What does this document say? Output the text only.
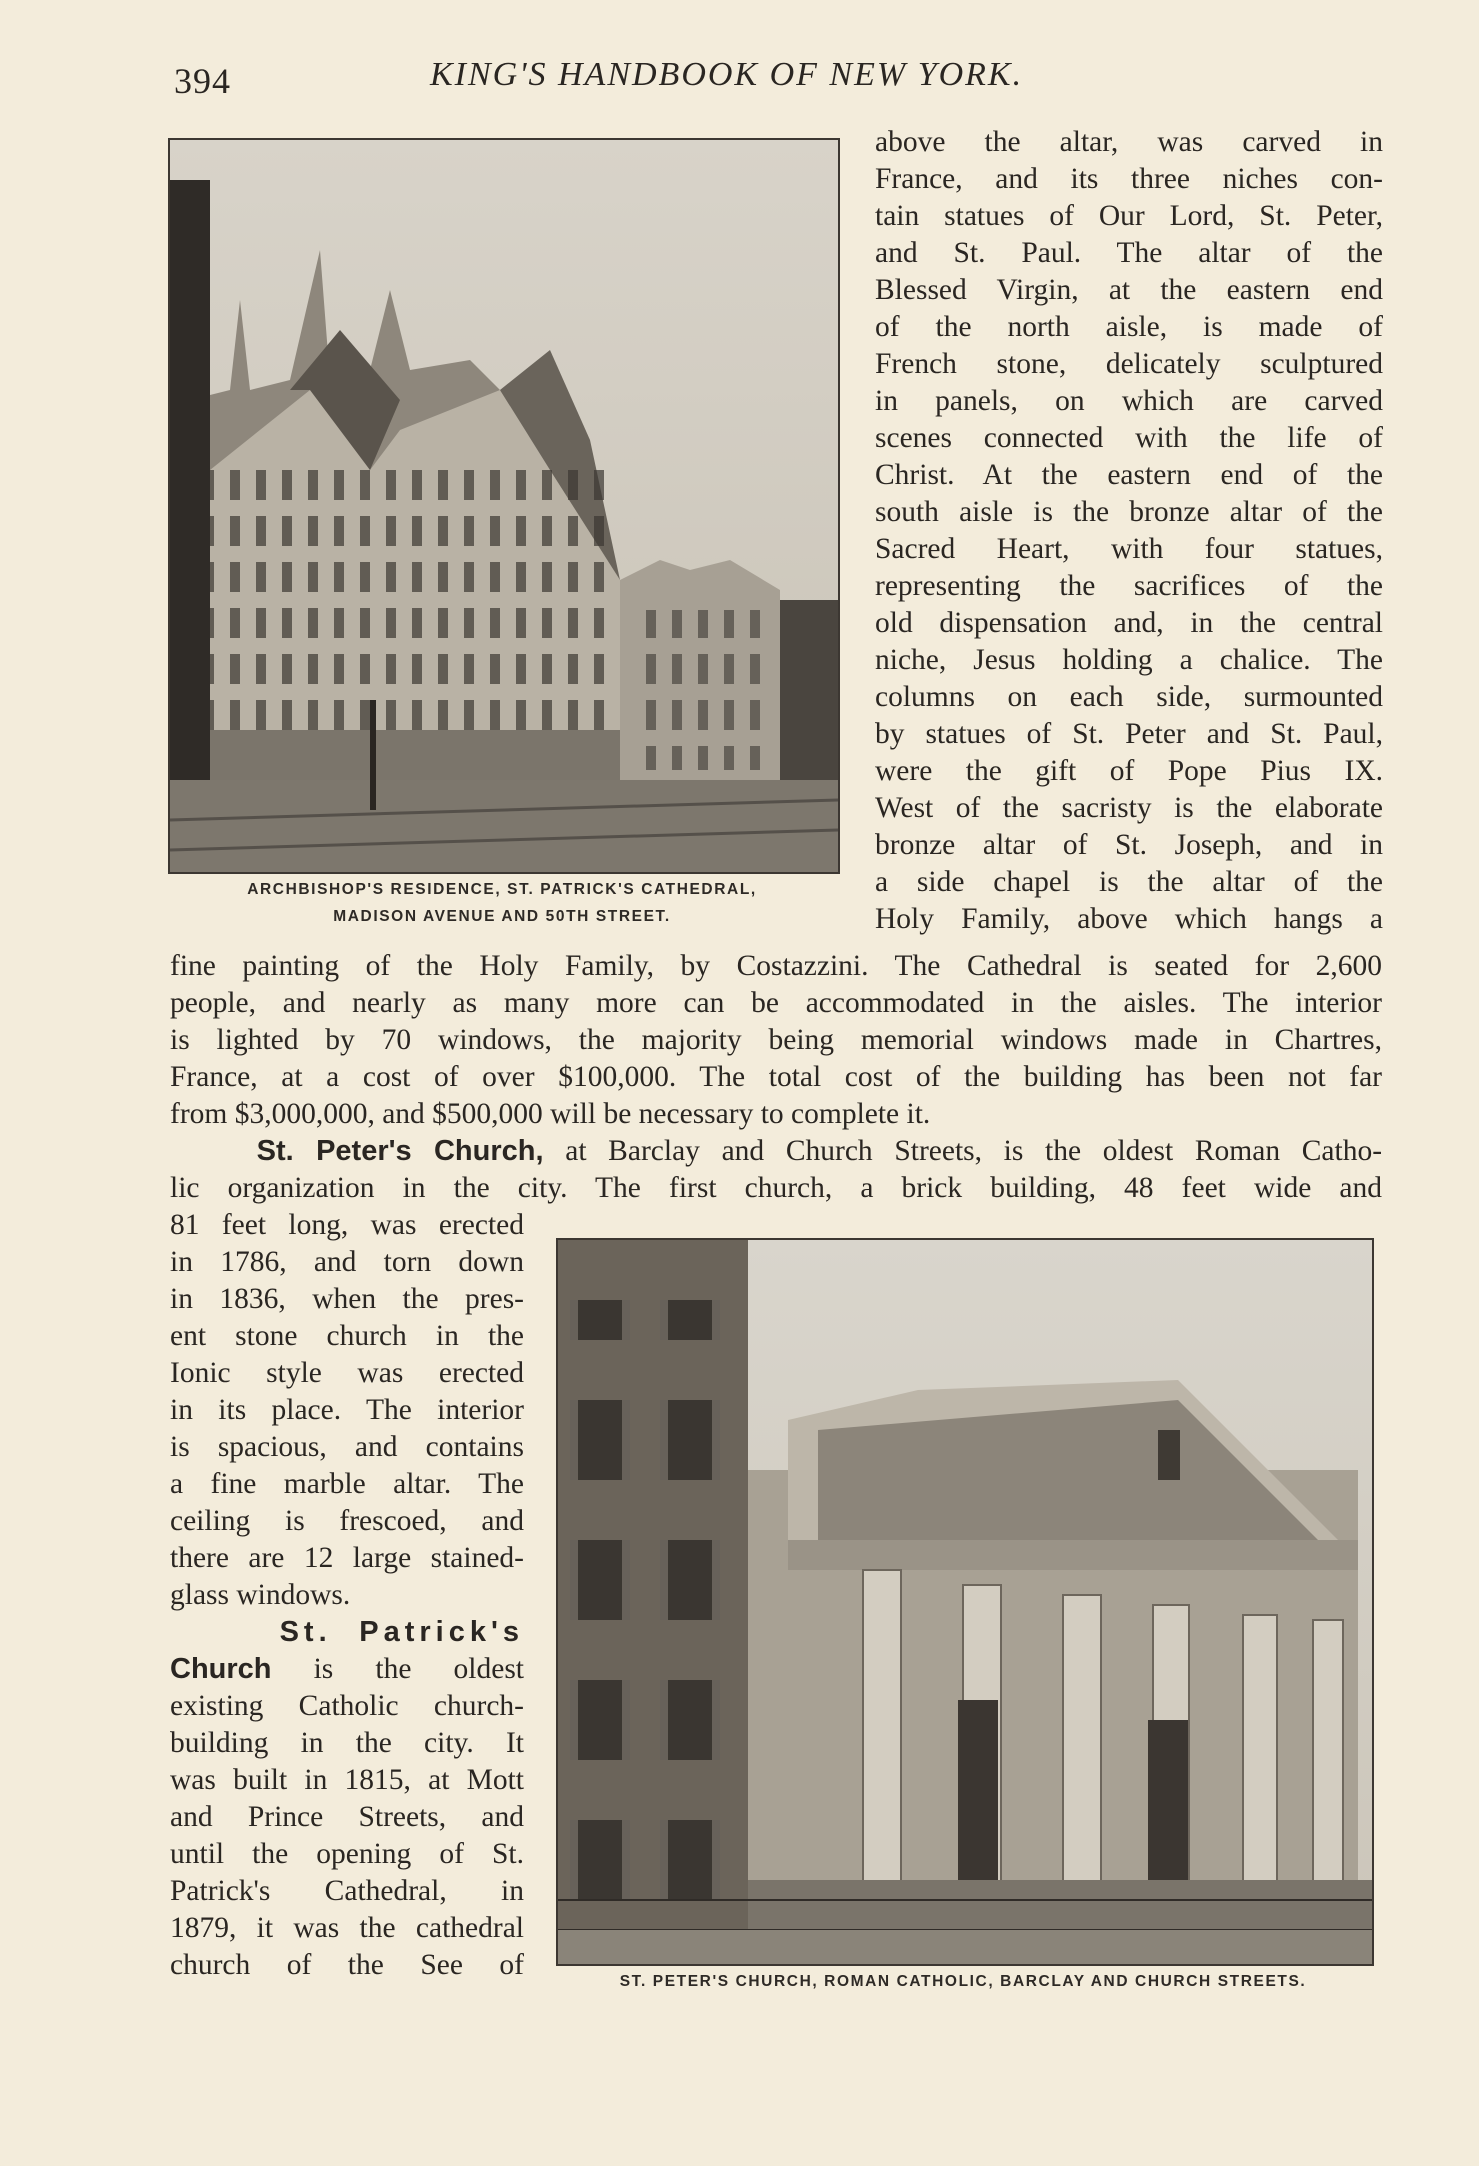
394	KING'S HANDBOOK OF NEW YORK.
ARCHBISHOP'S RESIDENCE, ST. PATRICK'S CATHEDRAL,
MADISON AVENUE AND 50TH STREET.
above the altar, was carved in
France, and its three niches con-
tain statues of Our Lord, St. Peter,
and St. Paul. The altar of the
Blessed Virgin, at the eastern end
of the north aisle, is made of
French stone, delicately sculptured
in panels, on which are carved
scenes connected with the life of
Christ. At the eastern end of the
south aisle is the bronze altar of the
Sacred Heart, with four statues,
representing the sacrifices of the
old dispensation and, in the central
niche, Jesus holding a chalice. The
columns on each side, surmounted
by statues of St. Peter and St. Paul,
were the gift of Pope Pius IX.
West of the sacristy is the elaborate
bronze altar of St. Joseph, and in
a side chapel is the altar of the
Holy Family, above which hangs a
fine painting of the Holy Family, by Costazzini. The Cathedral is seated for 2,600
people, and nearly as many more can be accommodated in the aisles. The interior
is lighted by 70 windows, the majority being memorial windows made in Chartres,
France, at a cost of over $100,000. The total cost of the building has been not far
from $3,000,000, and $500,000 will be necessary to complete it.
St. Peter's Church, at Barclay and Church Streets, is the oldest Roman Catho-
lic organization in the city. The first church, a brick building, 48 feet wide and
ST. PETER'S CHURCH, ROMAN CATHOLIC, BARCLAY AND CHURCH STREETS.
81 feet long, was erected
in 1786, and torn down
in 1836, when the pres-
ent stone church in the
Ionic style was erected
in its place. The interior
is spacious, and contains
a fine marble altar. The
ceiling is frescoed, and
there are 12 large stained-
glass windows.
St. Patrick's
Church is the oldest
existing Catholic church-
building in the city. It
was built in 1815, at Mott
and Prince Streets, and
until the opening of St.
Patrick's Cathedral, in
1879, it was the cathedral
church of the See of
